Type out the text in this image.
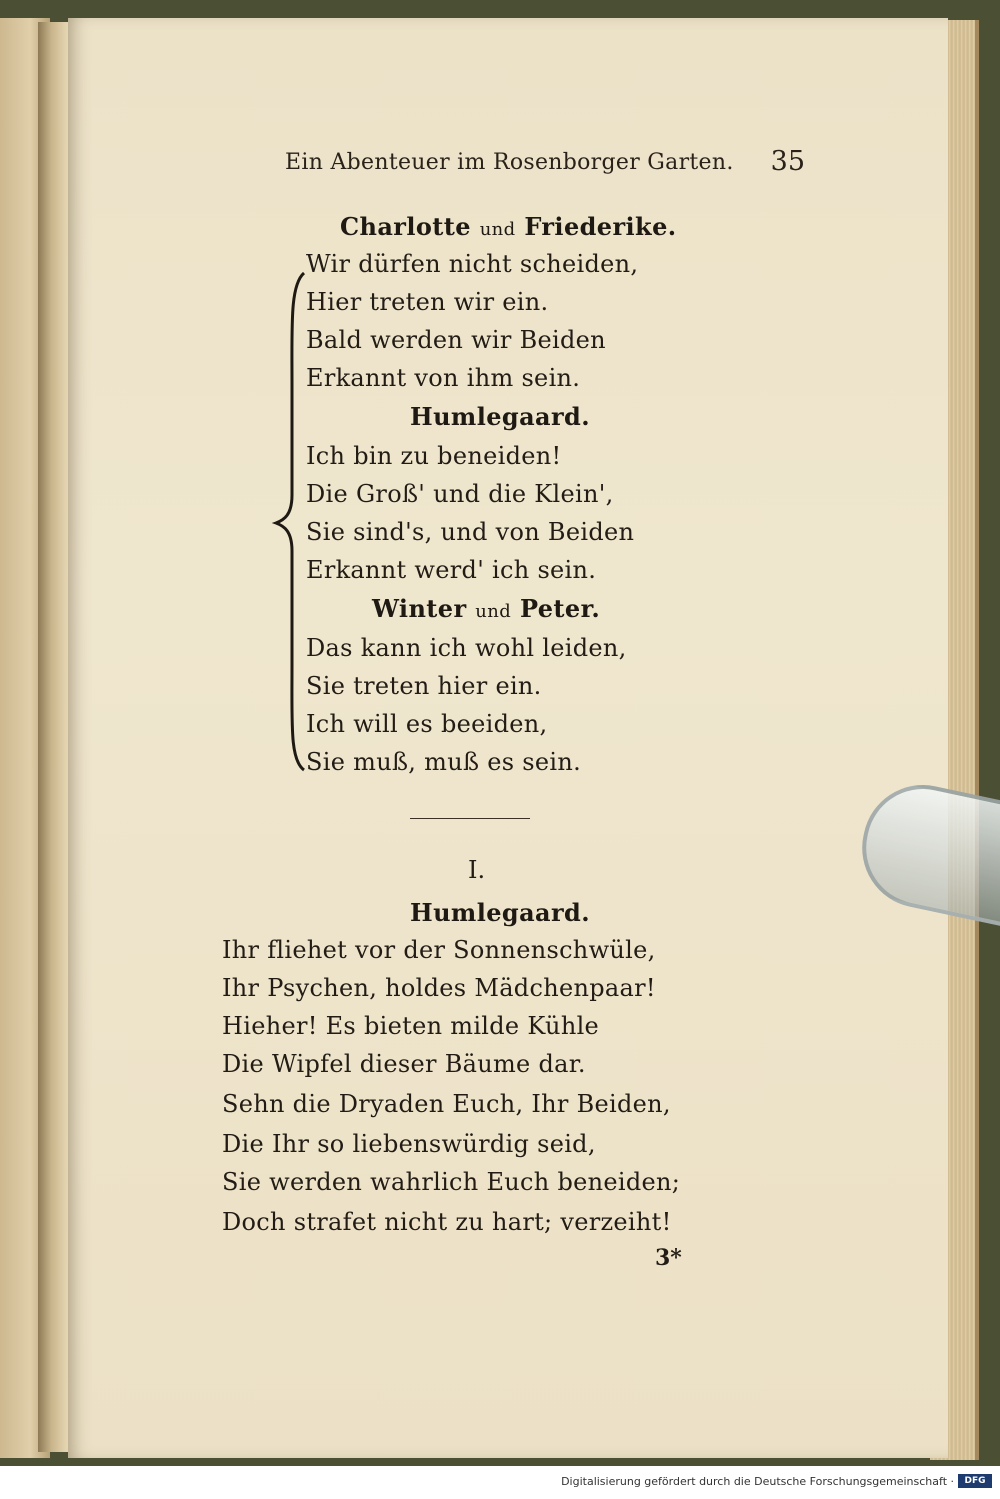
Ein Abenteuer im Rosenborger Garten. 35
Charlotte und Friederike.
Wir dürfen nicht scheiden,
Hier treten wir ein.
Bald werden wir Beiden
Erkannt von ihm sein.
Humlegaard.
Ich bin zu beneiden!
Die Groß' und die Klein',
Sie sind's, und von Beiden
Erkannt werd' ich sein.
Winter und Peter.
Das kann ich wohl leiden,
Sie treten hier ein.
Ich will es beeiden,
Sie muß, muß es sein.
I.
Humlegaard.
Ihr fliehet vor der Sonnenschwüle,
Ihr Psychen, holdes Mädchenpaar!
Hieher! Es bieten milde Kühle
Die Wipfel dieser Bäume dar.
Sehn die Dryaden Euch, Ihr Beiden,
Die Ihr so liebenswürdig seid,
Sie werden wahrlich Euch beneiden;
Doch strafet nicht zu hart; verzeiht!
3*
Digitalisierung gefördert durch die Deutsche Forschungsgemeinschaft ·	DFG
